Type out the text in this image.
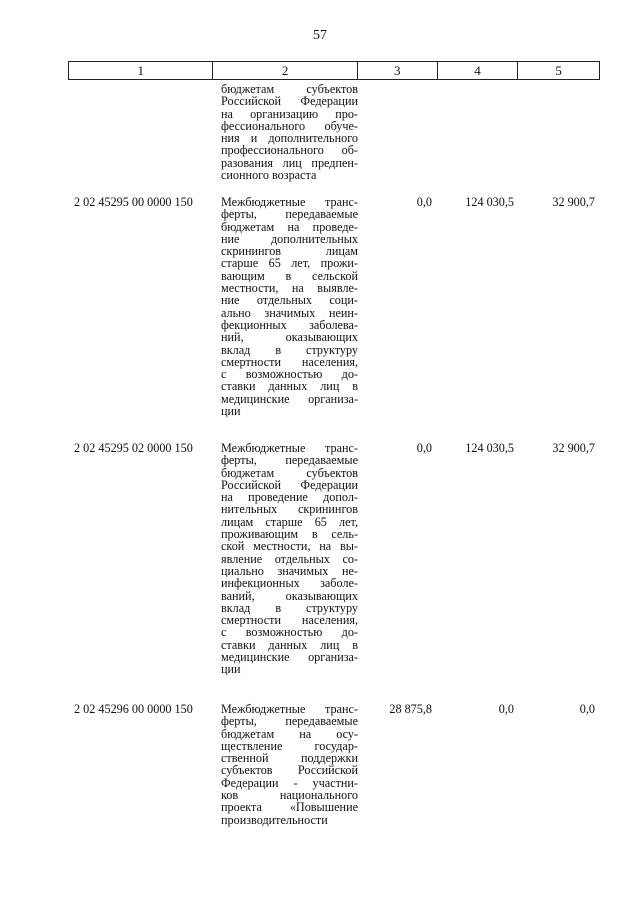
57
1	2	3	4	5
бюджетам субъектов
Российской Федерации
на организацию про-
фессионального обуче-
ния и дополнительного
профессионального об-
разования лиц предпен-
сионного возраста
2 02 45295 00 0000 150	Межбюджетные транс-
ферты, передаваемые
бюджетам на проведе-
ние дополнительных
скринингов лицам
старше 65 лет, прожи-
вающим в сельской
местности, на выявле-
ние отдельных соци-
ально значимых неин-
фекционных заболева-
ний, оказывающих
вклад в структуру
смертности населения,
с возможностью до-
ставки данных лиц в
медицинские организа-
ции
0,0	124 030,5	32 900,7
2 02 45295 02 0000 150	Межбюджетные транс-
ферты, передаваемые
бюджетам субъектов
Российской Федерации
на проведение допол-
нительных скринингов
лицам старше 65 лет,
проживающим в сель-
ской местности, на вы-
явление отдельных со-
циально значимых не-
инфекционных заболе-
ваний, оказывающих
вклад в структуру
смертности населения,
с возможностью до-
ставки данных лиц в
медицинские организа-
ции
0,0	124 030,5	32 900,7
2 02 45296 00 0000 150	Межбюджетные транс-
ферты, передаваемые
бюджетам на осу-
ществление государ-
ственной поддержки
субъектов Российской
Федерации - участни-
ков национального
проекта «Повышение
производительности
28 875,8	0,0	0,0
